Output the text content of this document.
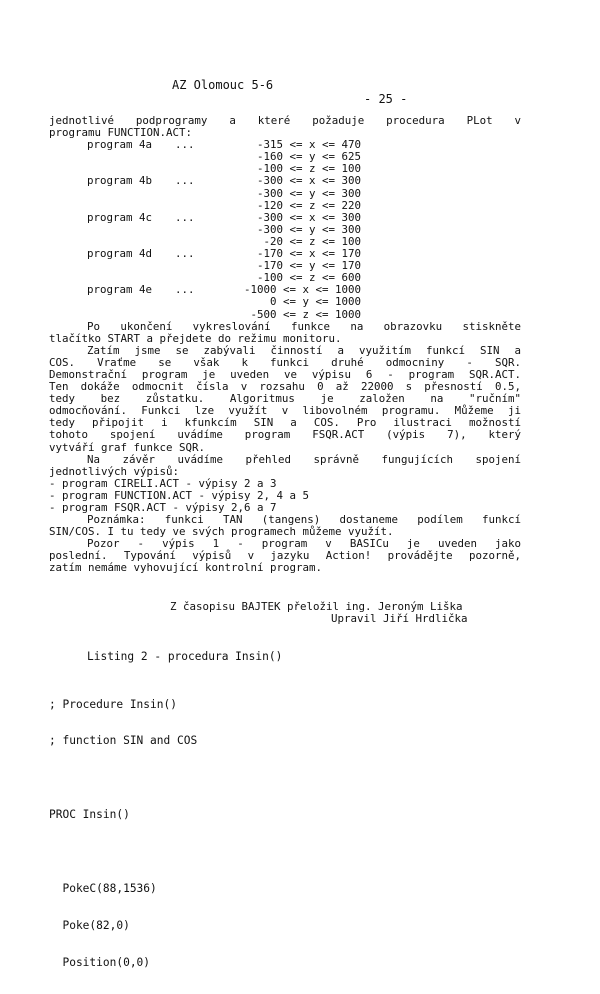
AZ Olomouc 5-6

- 25 -

jednotlivé podprogramy a které požaduje procedura PLot v
programu FUNCTION.ACT:
program 4a ...	-315 <= x <= 470
-160 <= y <= 625
-100 <= z <= 100
program 4b ...	-300 <= x <= 300
-300 <= y <= 300
-120 <= z <= 220
program 4c ...	-300 <= x <= 300
-300 <= y <= 300
-20 <= z <= 100
program 4d ...	-170 <= x <= 170
-170 <= y <= 170
-100 <= z <= 600
program 4e ...	-1000 <= x <= 1000
0 <= y <= 1000
-500 <= z <= 1000
Po ukončení vykreslování funkce na obrazovku stiskněte
tlačítko START a přejdete do režimu monitoru.
Zatím jsme se zabývali činností a využitím funkcí SIN a
COS. Vraťme se však k funkci druhé odmocniny - SQR.
Demonstrační program je uveden ve výpisu 6 - program SQR.ACT.
Ten dokáže odmocnit čísla v rozsahu 0 až 22000 s přesností 0.5,
tedy bez zůstatku. Algoritmus je založen na "ručním"
odmocňování. Funkci lze využít v libovolném programu. Můžeme ji
tedy připojit i kfunkcím SIN a COS. Pro ilustraci možností
tohoto spojení uvádíme program FSQR.ACT (výpis 7), který
vytváří graf funkce SQR.
Na závěr uvádíme přehled správně fungujících spojení
jednotlivých výpisů:
- program CIRELI.ACT - výpisy 2 a 3
- program FUNCTION.ACT - výpisy 2, 4 a 5
- program FSQR.ACT - výpisy 2,6 a 7
Poznámka: funkci TAN (tangens) dostaneme podílem funkcí
SIN/COS. I tu tedy ve svých programech můžeme využít.
Pozor - výpis 1 - program v BASICu je uveden jako
poslední. Typování výpisů v jazyku Action! provádějte pozorně,
zatím nemáme vyhovující kontrolní program.
Z časopisu BAJTEK přeložil ing. Jeroným Liška
Upravil Jiří Hrdlička
Listing 2 - procedura Insin()

; Procedure Insin()

; function SIN and COS

PROC Insin()

PokeC(88,1536)

Poke(82,0)

Position(0,0)
